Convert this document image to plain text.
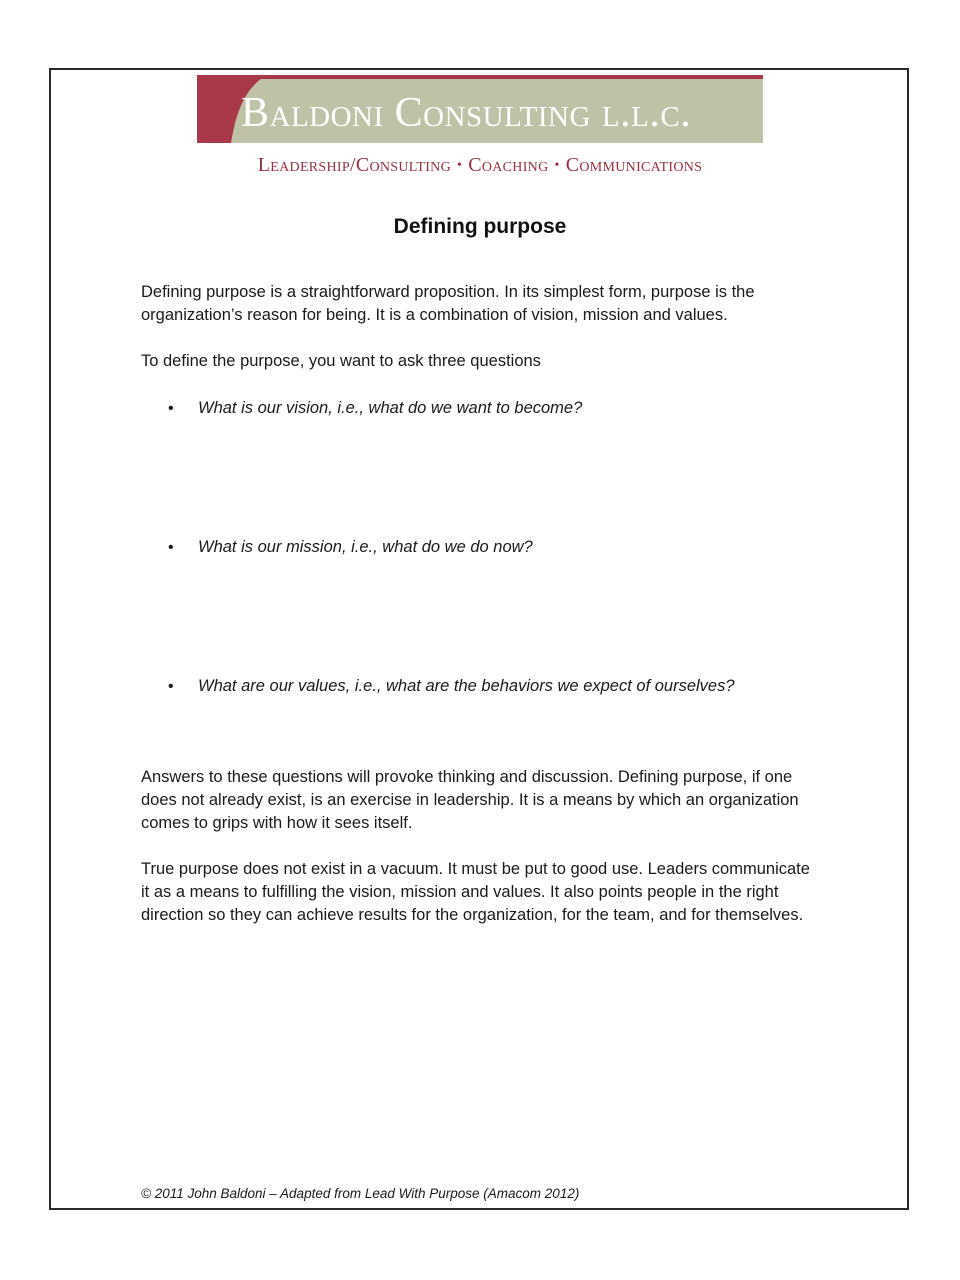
Baldoni Consulting l.l.c.
Leadership/Consulting • Coaching • Communications
Defining purpose

Defining purpose is a straightforward proposition. In its simplest form, purpose is the organization’s reason for being. It is a combination of vision, mission and values.

To define the purpose, you want to ask three questions

• What is our vision, i.e., what do we want to become?
• What is our mission, i.e., what do we do now?
• What are our values, i.e., what are the behaviors we expect of ourselves?

Answers to these questions will provoke thinking and discussion. Defining purpose, if one does not already exist, is an exercise in leadership. It is a means by which an organization comes to grips with how it sees itself.

True purpose does not exist in a vacuum. It must be put to good use. Leaders communicate it as a means to fulfilling the vision, mission and values. It also points people in the right direction so they can achieve results for the organization, for the team, and for themselves.

© 2011 John Baldoni – Adapted from Lead With Purpose (Amacom 2012)
